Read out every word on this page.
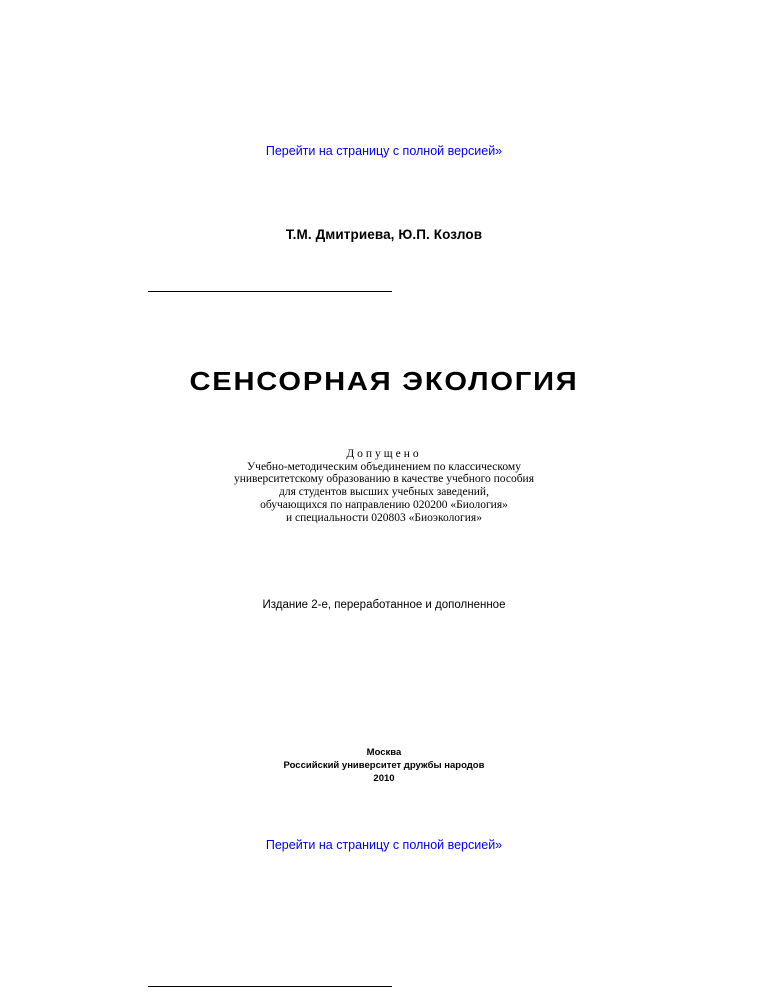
Перейти на страницу с полной версией»
Т.М. Дмитриева, Ю.П. Козлов
СЕНСОРНАЯ ЭКОЛОГИЯ
Допущено
Учебно-методическим объединением по классическому
университетскому образованию в качестве учебного пособия
для студентов высших учебных заведений,
обучающихся по направлению 020200 «Биология»
и специальности 020803 «Биоэкология»
Издание 2-е, переработанное и дополненное
Москва
Российский университет дружбы народов
2010
Перейти на страницу с полной версией»
